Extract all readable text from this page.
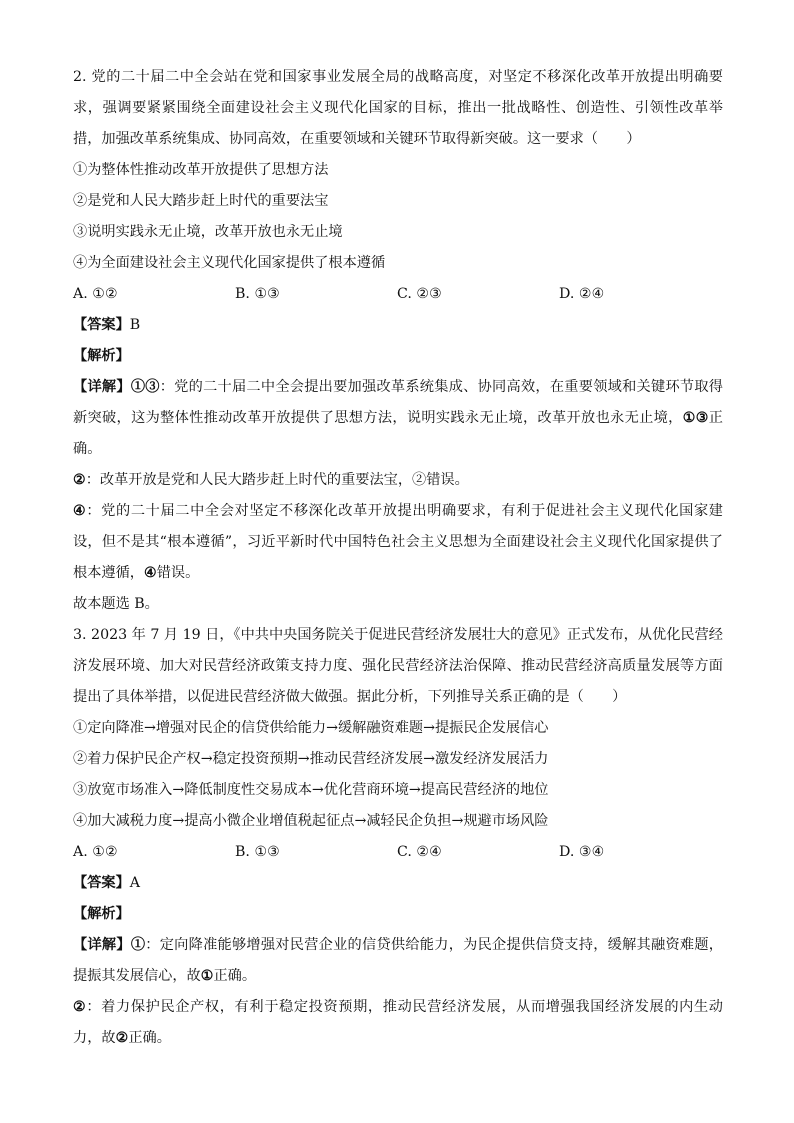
2. 党的二十届二中全会站在党和国家事业发展全局的战略高度，对坚定不移深化改革开放提出明确要求，强调要紧紧围绕全面建设社会主义现代化国家的目标，推出一批战略性、创造性、引领性改革举措，加强改革系统集成、协同高效，在重要领域和关键环节取得新突破。这一要求（　　）
①为整体性推动改革开放提供了思想方法
②是党和人民大踏步赶上时代的重要法宝
③说明实践永无止境，改革开放也永无止境
④为全面建设社会主义现代化国家提供了根本遵循
A. ①②	B. ①③	C. ②③	D. ②④
【答案】B
【解析】
【详解】①③：党的二十届二中全会提出要加强改革系统集成、协同高效，在重要领域和关键环节取得新突破，这为整体性推动改革开放提供了思想方法，说明实践永无止境，改革开放也永无止境，①③正确。
②：改革开放是党和人民大踏步赶上时代的重要法宝，②错误。
④：党的二十届二中全会对坚定不移深化改革开放提出明确要求，有利于促进社会主义现代化国家建设，但不是其“根本遵循”，习近平新时代中国特色社会主义思想为全面建设社会主义现代化国家提供了根本遵循，④错误。
故本题选 B。
3. 2023 年 7 月 19 日，《中共中央国务院关于促进民营经济发展壮大的意见》正式发布，从优化民营经济发展环境、加大对民营经济政策支持力度、强化民营经济法治保障、推动民营经济高质量发展等方面提出了具体举措，以促进民营经济做大做强。据此分析，下列推导关系正确的是（　　）
①定向降准→增强对民企的信贷供给能力→缓解融资难题→提振民企发展信心
②着力保护民企产权→稳定投资预期→推动民营经济发展→激发经济发展活力
③放宽市场准入→降低制度性交易成本→优化营商环境→提高民营经济的地位
④加大减税力度→提高小微企业增值税起征点→减轻民企负担→规避市场风险
A. ①②	B. ①③	C. ②④	D. ③④
【答案】A
【解析】
【详解】①：定向降准能够增强对民营企业的信贷供给能力，为民企提供信贷支持，缓解其融资难题，提振其发展信心，故①正确。
②：着力保护民企产权，有利于稳定投资预期，推动民营经济发展，从而增强我国经济发展的内生动力，故②正确。
